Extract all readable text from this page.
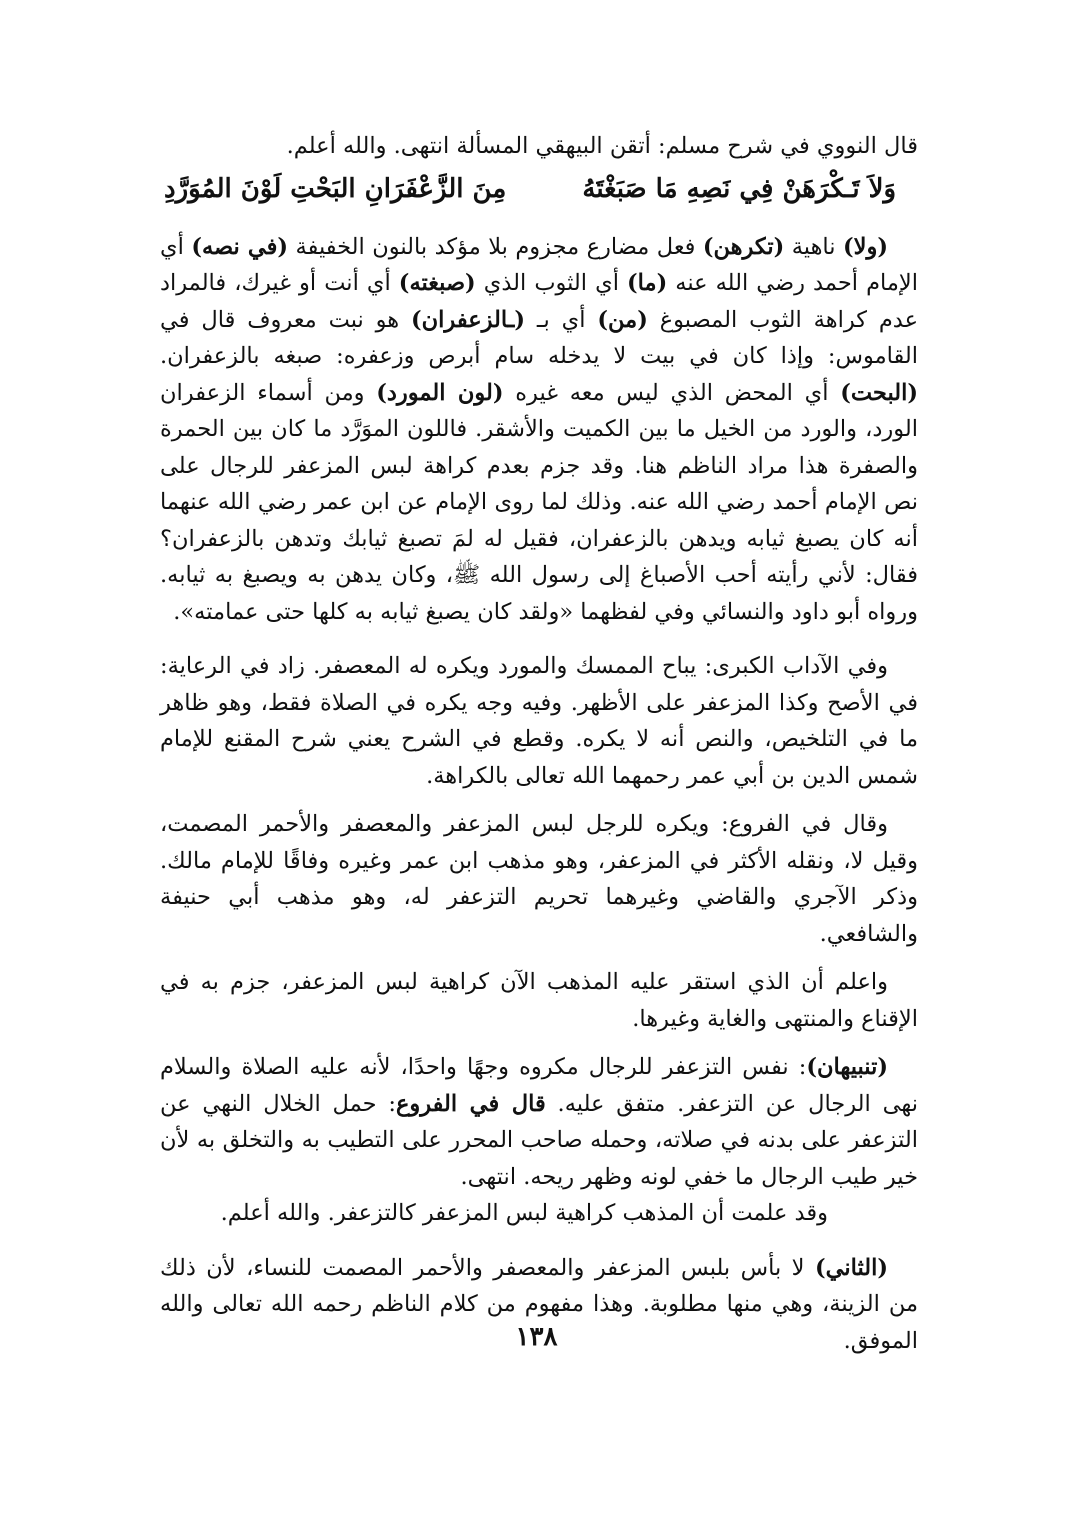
قال النووي في شرح مسلم: أتقن البيهقي المسألة انتهى. والله أعلم.

وَلاَ تَـكْرَهَنْ فِي نَصِهِ مَا صَبَغْتَهُ
مِنَ الزَّعْفَرَانِ البَحْتِ لَوْنَ المُوَرَّدِ

(ولا) ناهية (تكرهن) فعل مضارع مجزوم بلا مؤكد بالنون الخفيفة (في نصه) أي الإمام أحمد رضي الله عنه (ما) أي الثوب الذي (صبغته) أي أنت أو غيرك، فالمراد عدم كراهة الثوب المصبوغ (من) أي بـ (ـالزعفران) هو نبت معروف قال في القاموس: وإذا كان في بيت لا يدخله سام أبرص وزعفره: صبغه بالزعفران. (البحت) أي المحض الذي ليس معه غيره (لون المورد) ومن أسماء الزعفران الورد، والورد من الخيل ما بين الكميت والأشقر. فاللون الموَرَّد ما كان بين الحمرة والصفرة هذا مراد الناظم هنا. وقد جزم بعدم كراهة لبس المزعفر للرجال على نص الإمام أحمد رضي الله عنه. وذلك لما روى الإمام عن ابن عمر رضي الله عنهما أنه كان يصبغ ثيابه ويدهن بالزعفران، فقيل له لمَ تصبغ ثيابك وتدهن بالزعفران؟ فقال: لأني رأيته أحب الأصباغ إلى رسول الله ﷺ، وكان يدهن به ويصبغ به ثيابه. ورواه أبو داود والنسائي وفي لفظهما «ولقد كان يصبغ ثيابه به كلها حتى عمامته».

وفي الآداب الكبرى: يباح الممسك والمورد ويكره له المعصفر. زاد في الرعاية: في الأصح وكذا المزعفر على الأظهر. وفيه وجه يكره في الصلاة فقط، وهو ظاهر ما في التلخيص، والنص أنه لا يكره. وقطع في الشرح يعني شرح المقنع للإمام شمس الدين بن أبي عمر رحمهما الله تعالى بالكراهة.

وقال في الفروع: ويكره للرجل لبس المزعفر والمعصفر والأحمر المصمت، وقيل لا، ونقله الأكثر في المزعفر، وهو مذهب ابن عمر وغيره وفاقًا للإمام مالك. وذكر الآجري والقاضي وغيرهما تحريم التزعفر له، وهو مذهب أبي حنيفة والشافعي.

واعلم أن الذي استقر عليه المذهب الآن كراهية لبس المزعفر، جزم به في الإقناع والمنتهى والغاية وغيرها.

(تنبيهان): نفس التزعفر للرجال مكروه وجهًا واحدًا، لأنه عليه الصلاة والسلام نهى الرجال عن التزعفر. متفق عليه. قال في الفروع: حمل الخلال النهي عن التزعفر على بدنه في صلاته، وحمله صاحب المحرر على التطيب به والتخلق به لأن خير طيب الرجال ما خفي لونه وظهر ريحه. انتهى.

وقد علمت أن المذهب كراهية لبس المزعفر كالتزعفر. والله أعلم.

(الثاني) لا بأس بلبس المزعفر والمعصفر والأحمر المصمت للنساء، لأن ذلك من الزينة، وهي منها مطلوبة. وهذا مفهوم من كلام الناظم رحمه الله تعالى والله الموفق.

١٣٨
